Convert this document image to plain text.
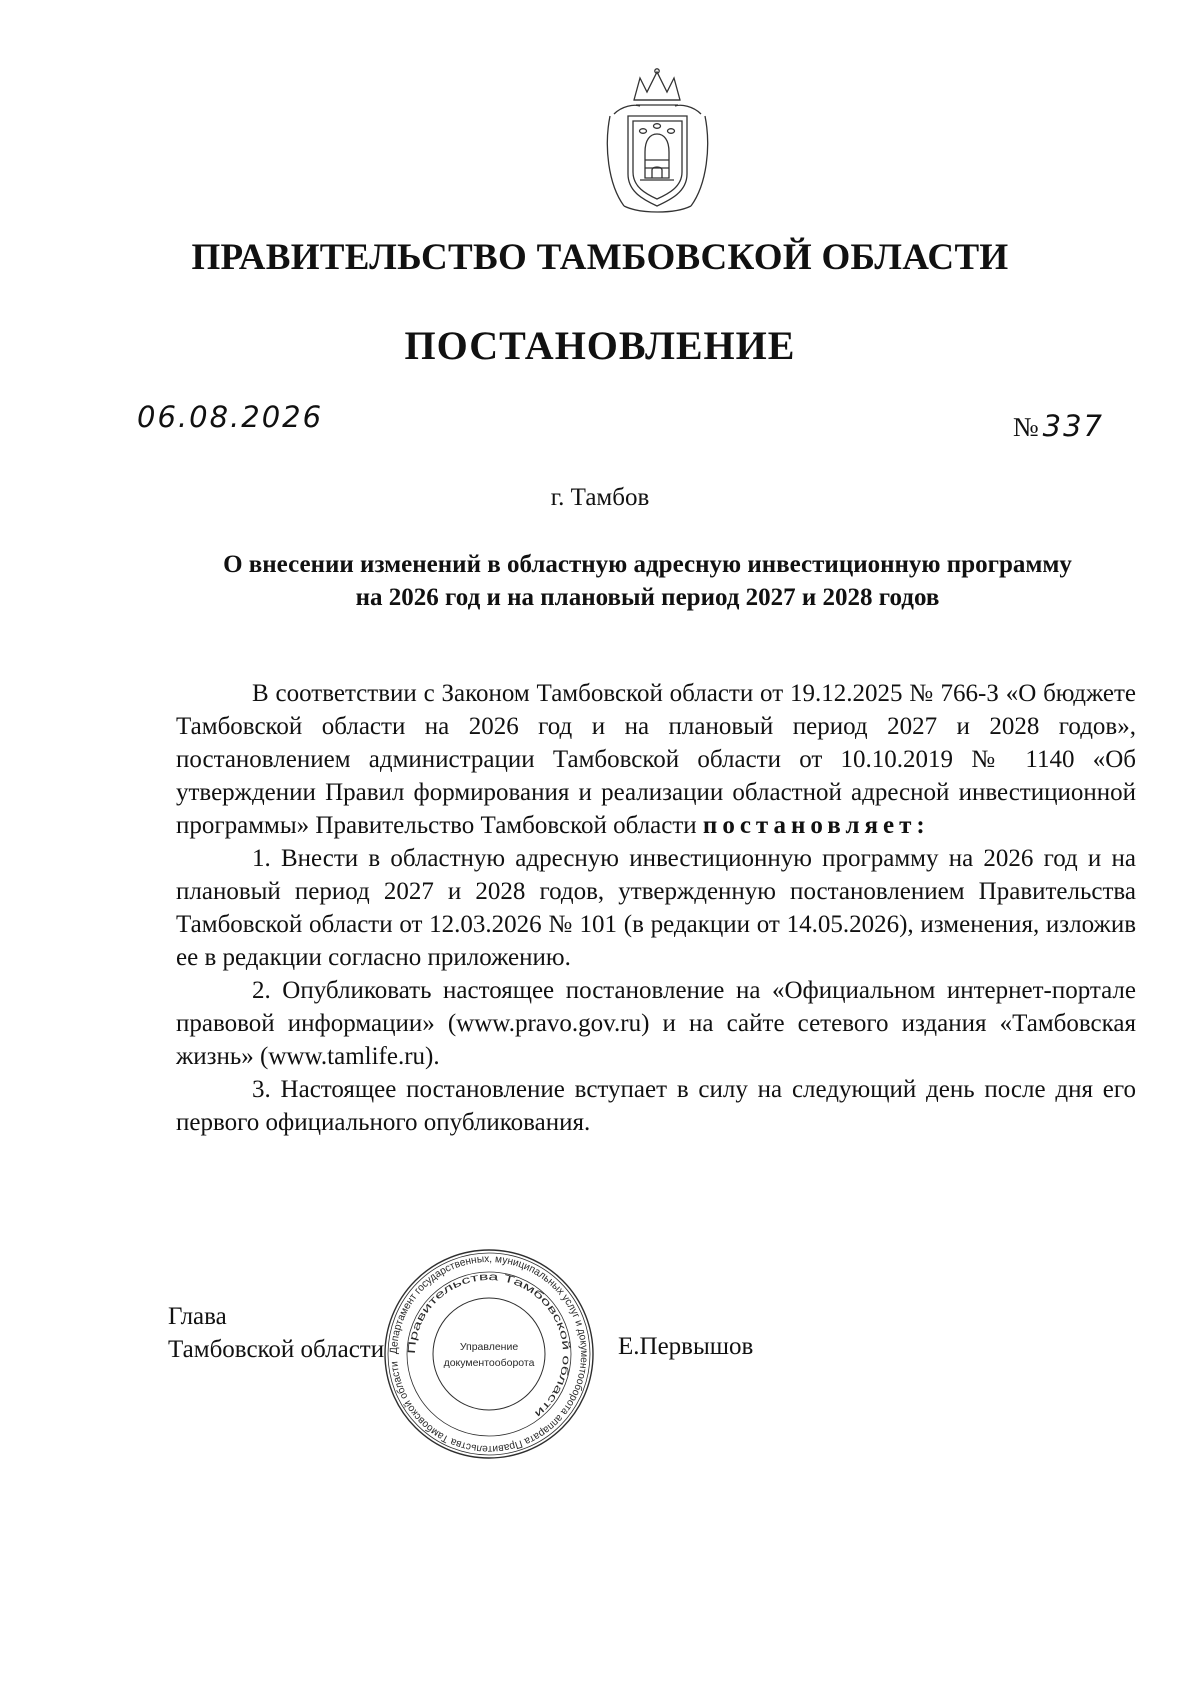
ПРАВИТЕЛЬСТВО ТАМБОВСКОЙ ОБЛАСТИ
ПОСТАНОВЛЕНИЕ
06.08.2026	№ 337
г. Тамбов
О внесении изменений в областную адресную инвестиционную программу
на 2026 год и на плановый период 2027 и 2028 годов

В соответствии с Законом Тамбовской области от 19.12.2025 № 766-З «О бюджете Тамбовской области на 2026 год и на плановый период 2027 и 2028 годов», постановлением администрации Тамбовской области от 10.10.2019 № 1140 «Об утверждении Правил формирования и реализации областной адресной инвестиционной программы» Правительство Тамбовской области постановляет:

1. Внести в областную адресную инвестиционную программу на 2026 год и на плановый период 2027 и 2028 годов, утвержденную постановлением Правительства Тамбовской области от 12.03.2026 № 101 (в редакции от 14.05.2026), изменения, изложив ее в редакции согласно приложению.

2. Опубликовать настоящее постановление на «Официальном интернет-портале правовой информации» (www.pravo.gov.ru) и на сайте сетевого издания «Тамбовская жизнь» (www.tamlife.ru).

3. Настоящее постановление вступает в силу на следующий день после дня его первого официального опубликования.

Глава
Тамбовской области	Е.Первышов
Департамент государственных, муниципальных услуг и документооборота аппарата Правительства Тамбовской области
Правительства Тамбовской области
Управление
документооборота
